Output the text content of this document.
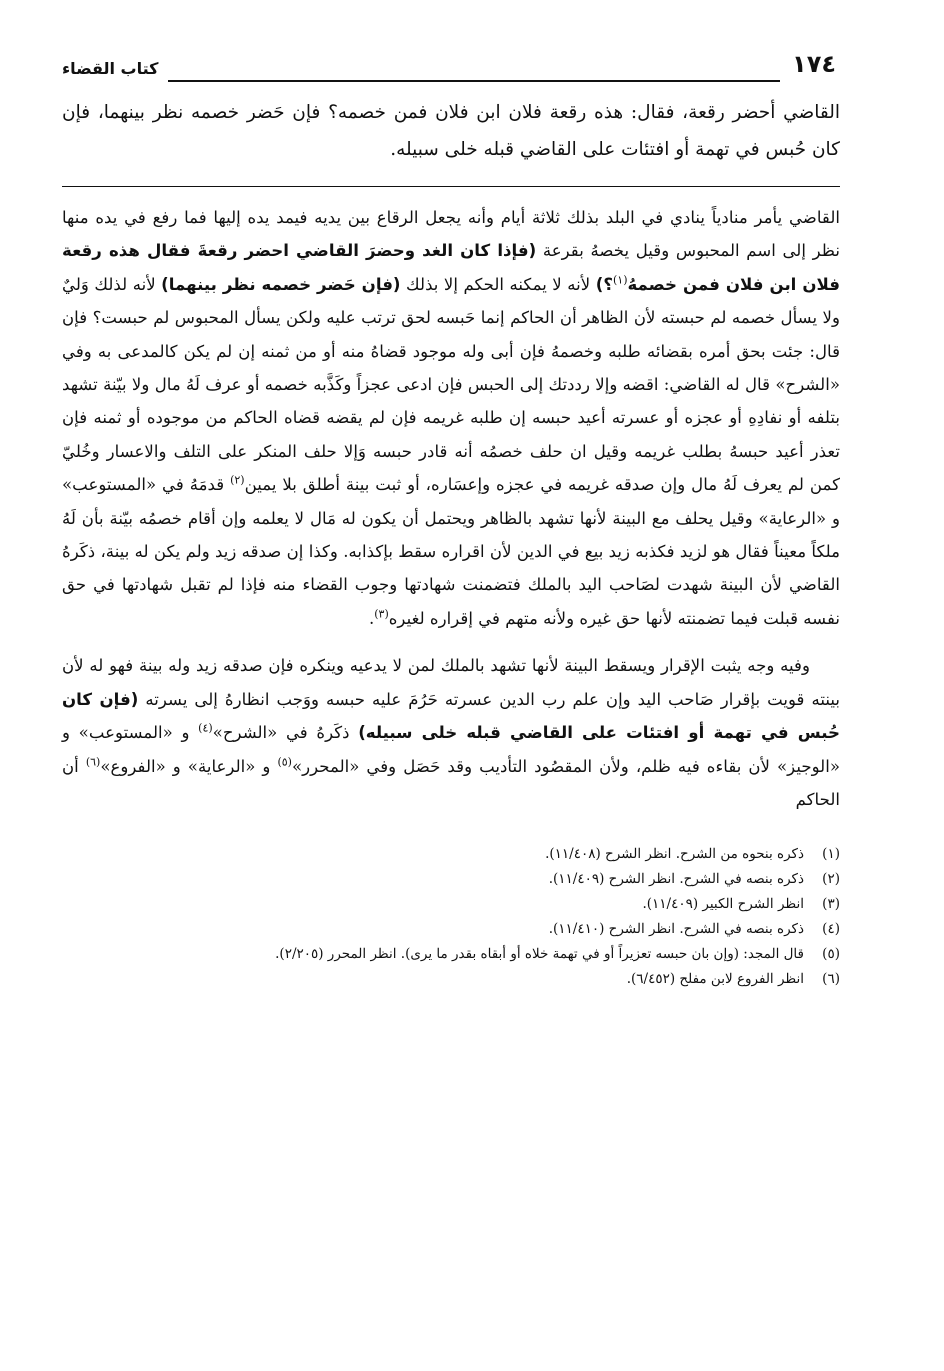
١٧٤
كتاب القضاء
القاضي أحضر رقعة، فقال: هذه رقعة فلان ابن فلان فمن خصمه؟ فإن حَضر خصمه نظر بينهما، فإن كان حُبس في تهمة أو افتئات على القاضي قبله خلى سبيله.

القاضي يأمر منادياً ينادي في البلد بذلك ثلاثة أيام وأنه يجعل الرقاع بين يديه فيمد يده إليها فما رفع في يده منها نظر إلى اسم المحبوس وقيل يخصهُ بقرعة (فإذا كان الغد وحضرَ القاضي احضر رقعةَ فقال هذه رقعة فلان ابن فلان فمن خصمهُ$^{(١)}$؟) لأنه لا يمكنه الحكم إلا بذلك (فإن حَضر خصمه نظر بينهما) لأنه لذلك وَليٌ ولا يسأل خصمه لم حبسته لأن الظاهر أن الحاكم إنما حَبسه لحق ترتب عليه ولكن يسأل المحبوس لم حبست؟ فإن قال: جئت بحق أمره بقضائه طلبه وخصمهُ فإن أبى وله موجود قضاهُ منه أو من ثمنه إن لم يكن كالمدعى به وفي «الشرح» قال له القاضي: اقضه وإلا رددتك إلى الحبس فإن ادعى عجزاً وكَذَّبه خصمه أو عرف لَهُ مال ولا بيّنة تشهد بتلفه أو نفادِهِ أو عجزه أو عسرته أعيد حبسه إن طلبه غريمه فإن لم يقضه قضاه الحاكم من موجوده أو ثمنه فإن تعذر أعيد حبسهُ بطلب غريمه وقيل ان حلف خصمُه أنه قادر حبسه وَإلا حلف المنكر على التلف والاعسار وخُليّ كمن لم يعرف لَهُ مال وإن صدقه غريمه في عجزه وإعسَاره، أو ثبت بينة أطلق بلا يمين$^{(٢)}$ قدمَهُ في «المستوعب» و «الرعاية» وقيل يحلف مع البينة لأنها تشهد بالظاهر ويحتمل أن يكون له مَال لا يعلمه وإن أقام خصمُه بيّنة بأن لَهُ ملكاً معيناً فقال هو لزيد فكذبه زيد بيع في الدين لأن اقراره سقط بإكذابه. وكذا إن صدقه زيد ولم يكن له بينة، ذكَرهُ القاضي لأن البينة شهدت لصَاحب اليد بالملك فتضمنت شهادتها وجوب القضاء منه فإذا لم تقبل شهادتها في حق نفسه قبلت فيما تضمنته لأنها حق غيره ولأنه متهم في إقراره لغيره$^{(٣)}$.

وفيه وجه يثبت الإقرار ويسقط البينة لأنها تشهد بالملك لمن لا يدعيه وينكره فإن صدقه زيد وله بينة فهو له لأن بينته قويت بإقرار صَاحب اليد وإن علم رب الدين عسرته حَرُمَ عليه حبسه ووَجب انظارهُ إلى يسرته (فإن كان حُبس في تهمة أو افتئات على القاضي قبله خلى سبيله) ذكَرهُ في «الشرح»$^{(٤)}$ و «المستوعب» و «الوجيز» لأن بقاءه فيه ظلم، ولأن المقصُود التأديب وقد حَصَل وفي «المحرر»$^{(٥)}$ و «الرعاية» و «الفروع»$^{(٦)}$ أن الحاكم

(١)
ذكره بنحوه من الشرح. انظر الشرح (١١/٤٠٨).
(٢)
ذكره بنصه في الشرح. انظر الشرح (١١/٤٠٩).
(٣)
انظر الشرح الكبير (١١/٤٠٩).
(٤)
ذكره بنصه في الشرح. انظر الشرح (١١/٤١٠).
(٥)
قال المجد: (وإن بان حبسه تعزيراً أو في تهمة خلاه أو أبقاه بقدر ما يرى). انظر المحرر (٢/٢٠٥).
(٦)
انظر الفروع لابن مفلح (٦/٤٥٢).
